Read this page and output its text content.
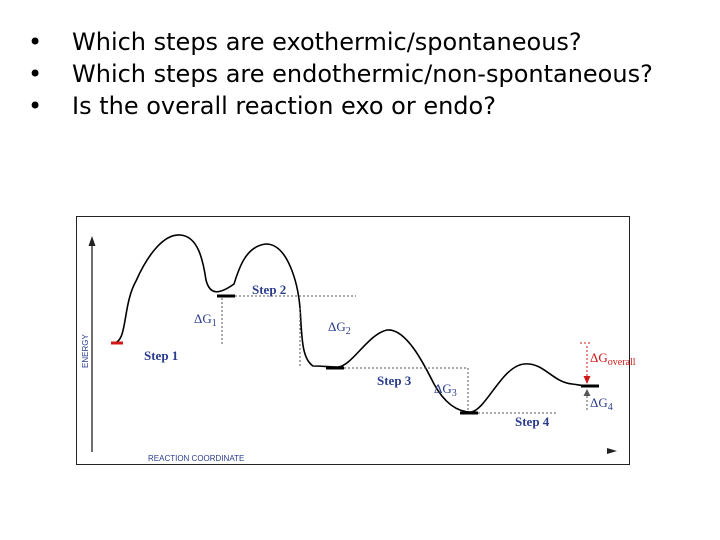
• Which steps are exothermic/spontaneous?
• Which steps are endothermic/non-spontaneous?
• Is the overall reaction exo or endo?
ENERGY
REACTION COORDINATE
Step 2
Step 1
Step 3
Step 4
$\Delta G_1$	$\Delta G_2$
$\Delta G_3$
$\Delta G_4$
$\Delta G_{overall}$
